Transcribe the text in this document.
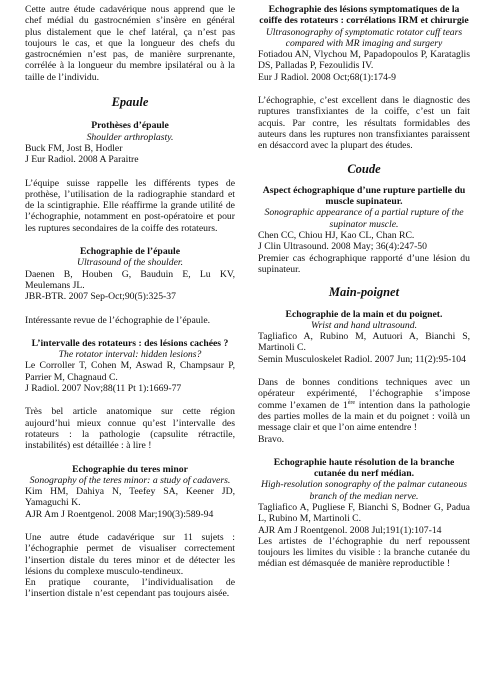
Cette autre étude cadavérique nous apprend que le chef médial du gastrocnémien s’insère en général plus distalement que le chef latéral, ça n’est pas toujours le cas, et que la longueur des chefs du gastrocnémien n’est pas, de manière surprenante, corrélée à la longueur du membre ipsilatéral ou à la taille de l’individu.

Epaule

Prothèses d’épaule

Shoulder arthroplasty.

Buck FM, Jost B, Hodler

J Eur Radiol. 2008 A Paraitre

L’équipe suisse rappelle les différents types de prothèse, l’utilisation de la radiographie standard et de la scintigraphie. Elle réaffirme la grande utilité de l’échographie, notamment en post-opératoire et pour les ruptures secondaires de la coiffe des rotateurs.

Echographie de l’épaule

Ultrasound of the shoulder.

Daenen B, Houben G, Bauduin E, Lu KV, Meulemans JL.

JBR-BTR. 2007 Sep-Oct;90(5):325-37

Intéressante revue de l’échographie de l’épaule.

L’intervalle des rotateurs : des lésions cachées ?

The rotator interval: hidden lesions?

Le Corroller T, Cohen M, Aswad R, Champsaur P, Parrier M, Chagnaud C.

J Radiol. 2007 Nov;88(11 Pt 1):1669-77

Très bel article anatomique sur cette région aujourd’hui mieux connue qu’est l’intervalle des rotateurs : la pathologie (capsulite rétractile, instabilités) est détaillée : à lire !

Echographie du teres minor

Sonography of the teres minor: a study of cadavers.

Kim HM, Dahiya N, Teefey SA, Keener JD, Yamaguchi K.

AJR Am J Roentgenol. 2008 Mar;190(3):589-94

Une autre étude cadavérique sur 11 sujets : l’échographie permet de visualiser correctement l’insertion distale du teres minor et de détecter les lésions du complexe musculo-tendineux.

En pratique courante, l’individualisation de l’insertion distale n’est cependant pas toujours aisée.

Echographie des lésions symptomatiques de la coiffe des rotateurs : corrélations IRM et chirurgie

Ultrasonography of symptomatic rotator cuff tears compared with MR imaging and surgery

Fotiadou AN, Vlychou M, Papadopoulos P, Karataglis DS, Palladas P, Fezoulidis IV.

Eur J Radiol. 2008 Oct;68(1):174-9

L’échographie, c’est excellent dans le diagnostic des ruptures transfixiantes de la coiffe, c’est un fait acquis. Par contre, les résultats formidables des auteurs dans les ruptures non transfixiantes paraissent en désaccord avec la plupart des études.

Coude

Aspect échographique d’une rupture partielle du muscle supinateur.

Sonographic appearance of a partial rupture of the supinator muscle.

Chen CC, Chiou HJ, Kao CL, Chan RC.

J Clin Ultrasound. 2008 May; 36(4):247-50

Premier cas échographique rapporté d’une lésion du supinateur.

Main-poignet

Echographie de la main et du poignet.

Wrist and hand ultrasound.

Tagliafico A, Rubino M, Autuori A, Bianchi S, Martinoli C.

Semin Musculoskelet Radiol. 2007 Jun; 11(2):95-104

Dans de bonnes conditions techniques avec un opérateur expérimenté, l’échographie s’impose comme l’examen de 1ère intention dans la pathologie des parties molles de la main et du poignet : voilà un message clair et que l’on aime entendre !

Bravo.

Echographie haute résolution de la branche cutanée du nerf médian.

High-resolution sonography of the palmar cutaneous branch of the median nerve.

Tagliafico A, Pugliese F, Bianchi S, Bodner G, Padua L, Rubino M, Martinoli C.

AJR Am J Roentgenol. 2008 Jul;191(1):107-14

Les artistes de l’échographie du nerf repoussent toujours les limites du visible : la branche cutanée du médian est démasquée de manière reproductible !
